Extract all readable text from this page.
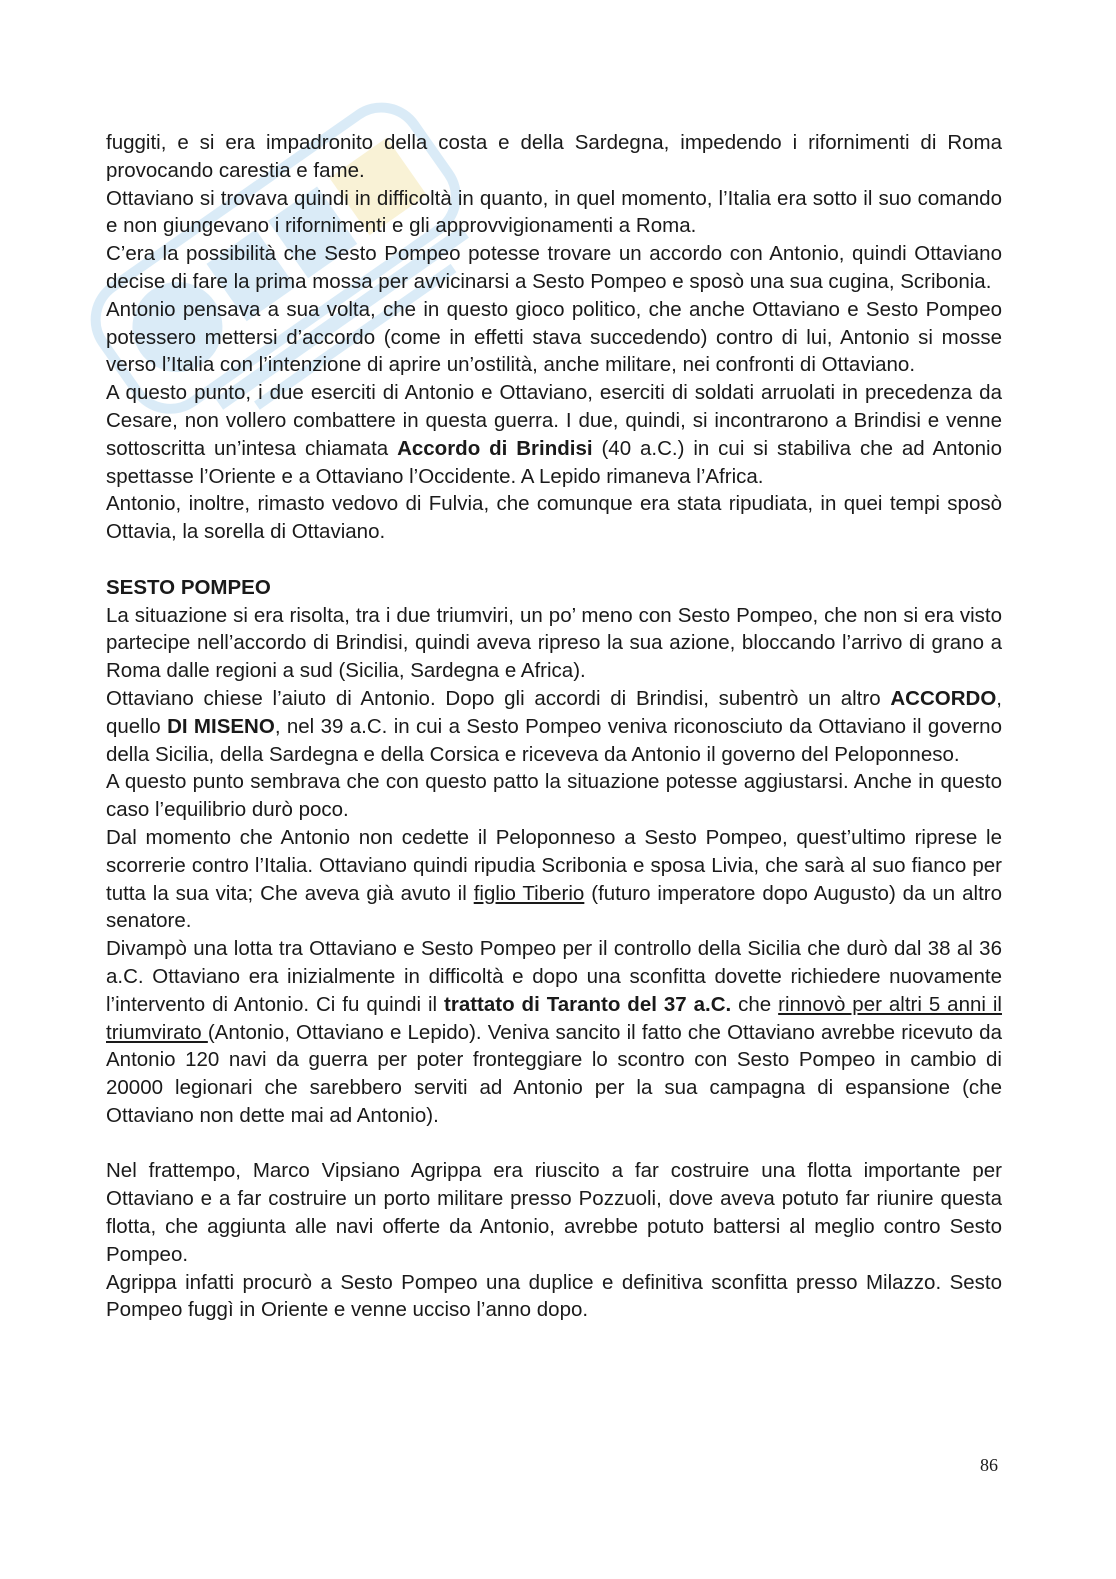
fuggiti, e si era impadronito della costa e della Sardegna, impedendo i rifornimenti di Roma provocando carestia e fame.

Ottaviano si trovava quindi in difficoltà in quanto, in quel momento, l’Italia era sotto il suo comando e non giungevano i rifornimenti e gli approvvigionamenti a Roma.

C’era la possibilità che Sesto Pompeo potesse trovare un accordo con Antonio, quindi Ottaviano decise di fare la prima mossa per avvicinarsi a Sesto Pompeo e sposò una sua cugina, Scribonia.

Antonio pensava a sua volta, che in questo gioco politico, che anche Ottaviano e Sesto Pompeo potessero mettersi d’accordo (come in effetti stava succedendo) contro di lui, Antonio si mosse verso l’Italia con l’intenzione di aprire un’ostilità, anche militare, nei confronti di Ottaviano.

A questo punto, i due eserciti di Antonio e Ottaviano, eserciti di soldati arruolati in precedenza da Cesare, non vollero combattere in questa guerra. I due, quindi, si incontrarono a Brindisi e venne sottoscritta un’intesa chiamata Accordo di Brindisi (40 a.C.) in cui si stabiliva che ad Antonio spettasse l’Oriente e a Ottaviano l’Occidente. A Lepido rimaneva l’Africa.

Antonio, inoltre, rimasto vedovo di Fulvia, che comunque era stata ripudiata, in quei tempi sposò Ottavia, la sorella di Ottaviano.

SESTO POMPEO

La situazione si era risolta, tra i due triumviri, un po’ meno con Sesto Pompeo, che non si era visto partecipe nell’accordo di Brindisi, quindi aveva ripreso la sua azione, bloccando l’arrivo di grano a Roma dalle regioni a sud (Sicilia, Sardegna e Africa).

Ottaviano chiese l’aiuto di Antonio. Dopo gli accordi di Brindisi, subentrò un altro ACCORDO, quello DI MISENO, nel 39 a.C. in cui a Sesto Pompeo veniva riconosciuto da Ottaviano il governo della Sicilia, della Sardegna e della Corsica e riceveva da Antonio il governo del Peloponneso.

A questo punto sembrava che con questo patto la situazione potesse aggiustarsi. Anche in questo caso l’equilibrio durò poco.

Dal momento che Antonio non cedette il Peloponneso a Sesto Pompeo, quest’ultimo riprese le scorrerie contro l’Italia. Ottaviano quindi ripudia Scribonia e sposa Livia, che sarà al suo fianco per tutta la sua vita; Che aveva già avuto il figlio Tiberio (futuro imperatore dopo Augusto) da un altro senatore.

Divampò una lotta tra Ottaviano e Sesto Pompeo per il controllo della Sicilia che durò dal 38 al 36 a.C. Ottaviano era inizialmente in difficoltà e dopo una sconfitta dovette richiedere nuovamente l’intervento di Antonio. Ci fu quindi il trattato di Taranto del 37 a.C. che rinnovò per altri 5 anni il triumvirato (Antonio, Ottaviano e Lepido). Veniva sancito il fatto che Ottaviano avrebbe ricevuto da Antonio 120 navi da guerra per poter fronteggiare lo scontro con Sesto Pompeo in cambio di 20000 legionari che sarebbero serviti ad Antonio per la sua campagna di espansione (che Ottaviano non dette mai ad Antonio).

Nel frattempo, Marco Vipsiano Agrippa era riuscito a far costruire una flotta importante per Ottaviano e a far costruire un porto militare presso Pozzuoli, dove aveva potuto far riunire questa flotta, che aggiunta alle navi offerte da Antonio, avrebbe potuto battersi al meglio contro Sesto Pompeo.

Agrippa infatti procurò a Sesto Pompeo una duplice e definitiva sconfitta presso Milazzo. Sesto Pompeo fuggì in Oriente e venne ucciso l’anno dopo.

86
